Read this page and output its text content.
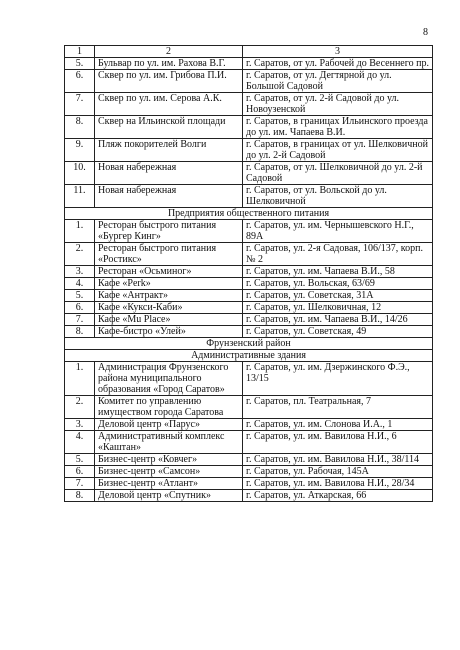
8
1	2	3
5.	Бульвар по ул. им. Рахова В.Г.	г. Саратов, от ул. Рабочей до Весеннего пр.
6.	Сквер по ул. им. Грибова П.И.	г. Саратов, от ул. Дегтярной до ул. Большой Садовой
7.	Сквер по ул. им. Серова А.К.	г. Саратов, от ул. 2-й Садовой до ул. Новоузенской
8.	Сквер на Ильинской площади	г. Саратов, в границах Ильинского проезда до ул. им. Чапаева В.И.
9.	Пляж покорителей Волги	г. Саратов, в границах от ул. Шелковичной до ул. 2-й Садовой
10.	Новая набережная	г. Саратов, от ул. Шелковичной до ул. 2-й Садовой
11.	Новая набережная	г. Саратов, от ул. Вольской до ул. Шелковичной
Предприятия общественного питания		
1.	Ресторан быстрого питания «Бургер Кинг»	г. Саратов, ул. им. Чернышевского Н.Г., 89А
2.	Ресторан быстрого питания «Ростикс»	г. Саратов, ул. 2-я Садовая, 106/137, корп. № 2
3.	Ресторан «Осьминог»	г. Саратов, ул. им. Чапаева В.И., 58
4.	Кафе «Perk»	г. Саратов, ул. Вольская, 63/69
5.	Кафе «Антракт»	г. Саратов, ул. Советская, 31А
6.	Кафе «Кукси-Каби»	г. Саратов, ул. Шелковичная, 12
7.	Кафе «Mu Place»	г. Саратов, ул. им. Чапаева В.И., 14/26
8.	Кафе-бистро «Улей»	г. Саратов, ул. Советская, 49
Фрунзенский район		
Административные здания		
1.	Администрация Фрунзенского района муниципального образования «Город Саратов»	г. Саратов, ул. им. Дзержинского Ф.Э., 13/15
2.	Комитет по управлению имуществом города Саратова	г. Саратов, пл. Театральная, 7
3.	Деловой центр «Парус»	г. Саратов, ул. им. Слонова И.А., 1
4.	Административный комплекс «Каштан»	г. Саратов, ул. им. Вавилова Н.И., 6
5.	Бизнес-центр «Ковчег»	г. Саратов, ул. им. Вавилова Н.И., 38/114
6.	Бизнес-центр «Самсон»	г. Саратов, ул. Рабочая, 145А
7.	Бизнес-центр «Атлант»	г. Саратов, ул. им. Вавилова Н.И., 28/34
8.	Деловой центр «Спутник»	г. Саратов, ул. Аткарская, 66
